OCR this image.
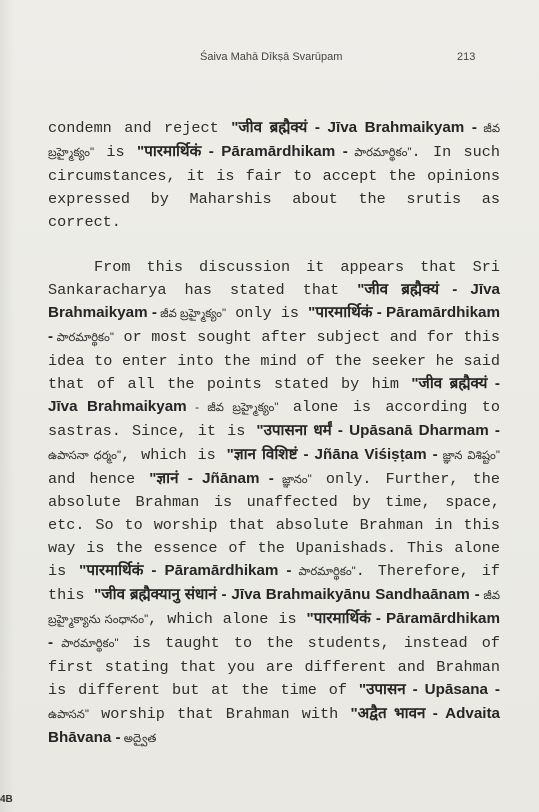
Śaiva Mahā Dīkṣā Svarūpam	213

condemn and reject "जीव ब्रह्मैक्यं - Jīva Brahmaikyam - జీవ బ్రహ్మైక్యం" is "पारमार्थिकं - Pāramārdhikam - పారమార్థికం". In such circumstances, it is fair to accept the opinions expressed by Maharshis about the srutis as correct.

From this discussion it appears that Sri Sankaracharya has stated that "जीव ब्रह्मैक्यं - Jīva Brahmaikyam - జీవ బ్రహ్మైక్యం" only is "पारमार्थिकं - Pāramārdhikam - పారమార్థికం" or most sought after subject and for this idea to enter into the mind of the seeker he said that of all the points stated by him "जीव ब्रह्मैक्यं - Jīva Brahmaikyam - జీవ బ్రహ్మైక్యం" alone is according to sastras. Since, it is "उपासना धर्मं - Upāsanā Dharmam - ఉపాసనా ధర్మం", which is "ज्ञान विशिष्टं - Jñāna Viśiṣṭam - జ్ఞాన విశిష్టం" and hence "ज्ञानं - Jñānam - జ్ఞానం" only. Further, the absolute Brahman is unaffected by time, space, etc. So to worship that absolute Brahman in this way is the essence of the Upanishads. This alone is "पारमार्थिकं - Pāramārdhikam - పారమార్థికం". Therefore, if this "जीव ब्रह्मैक्यानु संधानं - Jīva Brahmaikyānu Sandhaānam - జీవ బ్రహ్మైక్యాను సంధానం", which alone is "पारमार्थिकं - Pāramārdhikam - పారమార్థికం" is taught to the students, instead of first stating that you are different and Brahman is different but at the time of "उपासन - Upāsana - ఉపాసన" worship that Brahman with "अद्वैत भावन - Advaita Bhāvana - అద్వైత

4B
